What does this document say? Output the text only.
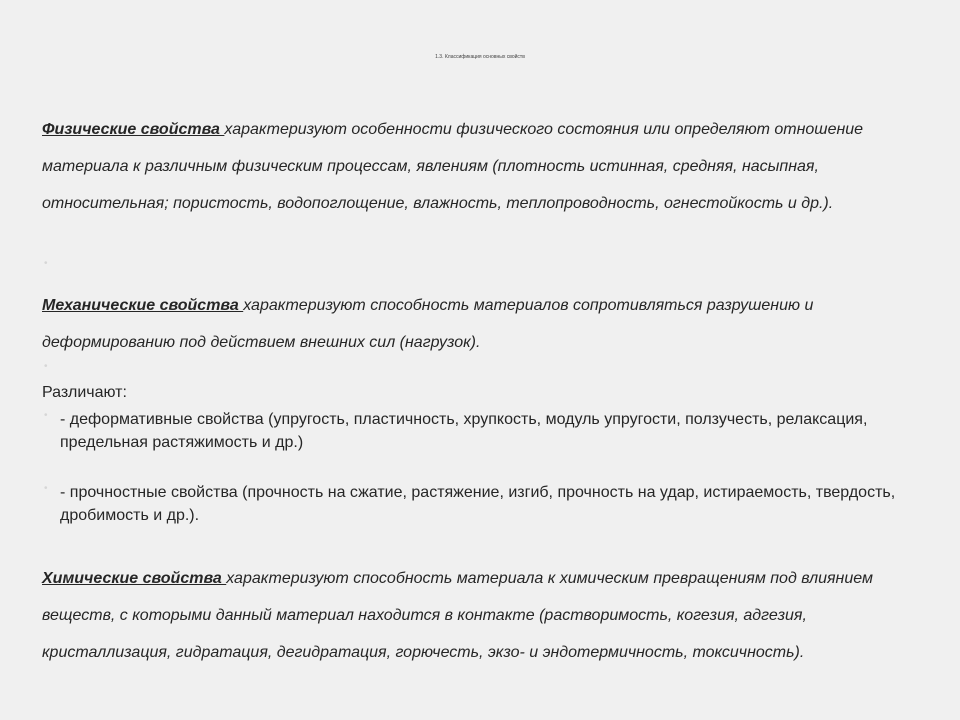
1.3. Классификация основных свойств
Физические свойства характеризуют особенности физического состояния или определяют отношение материала к различным физическим процессам, явлениям (плотность истинная, средняя, насыпная, относительная; пористость, водопоглощение, влажность, теплопроводность, огнестойкость и др.).
•
Механические свойства характеризуют способность материалов сопротивляться разрушению и деформированию под действием внешних сил (нагрузок).
•
Различают:
• - деформативные свойства (упругость, пластичность, хрупкость, модуль упругости, ползучесть, релаксация, предельная растяжимость и др.)
• - прочностные свойства (прочность на сжатие, растяжение, изгиб, прочность на удар, истираемость, твердость, дробимость и др.).
Химические свойства характеризуют способность материала к химическим превращениям под влиянием веществ, с которыми данный материал находится в контакте (растворимость, когезия, адгезия, кристаллизация, гидратация, дегидратация, горючесть, экзо- и эндотермичность, токсичность).
